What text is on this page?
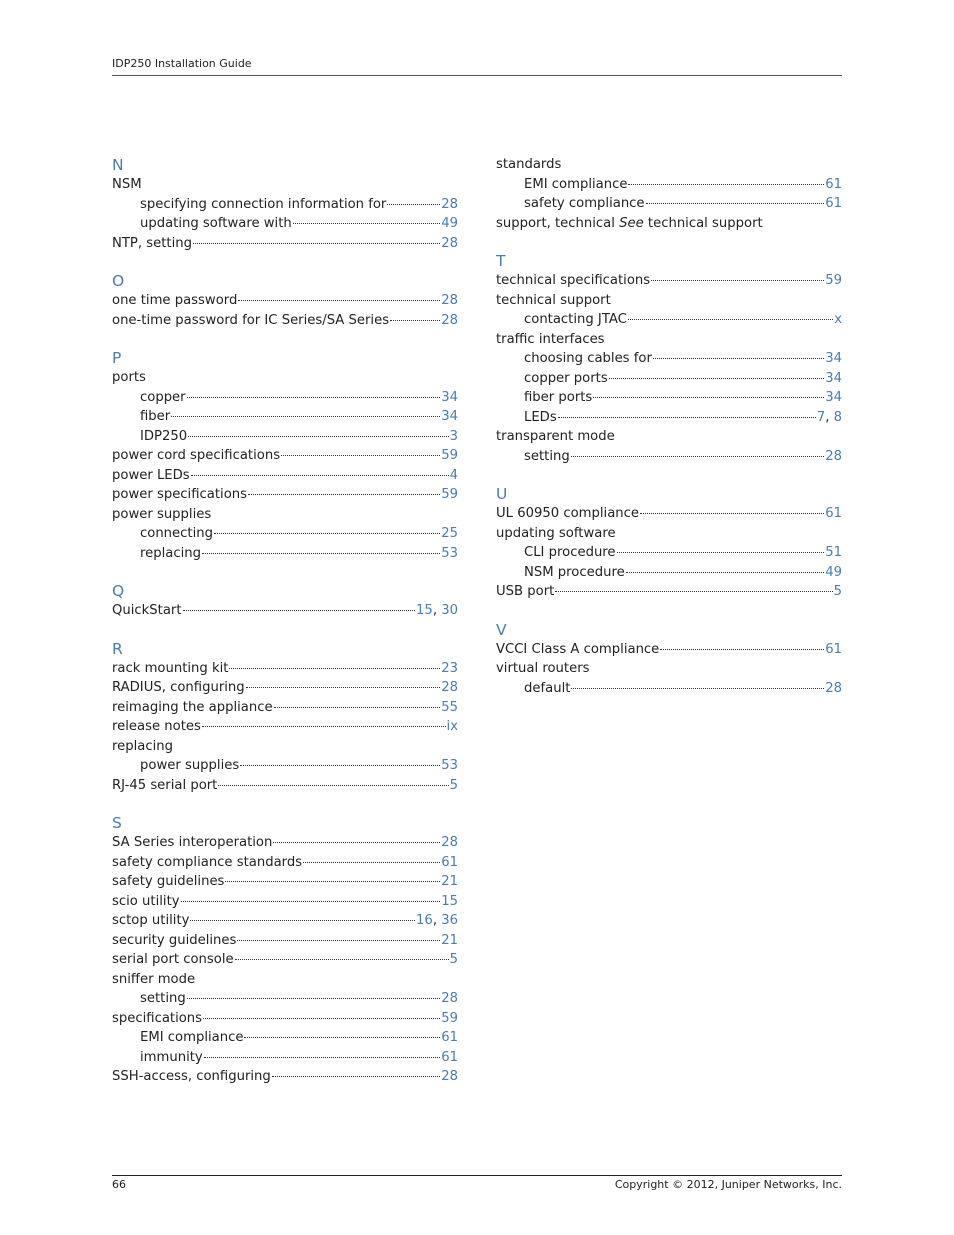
IDP250 Installation Guide
N
NSM
specifying connection information for	28
updating software with	49
NTP, setting	28
O
one time password	28
one-time password for IC Series/SA Series	28
P
ports
copper	34
fiber	34
IDP250	3
power cord specifications	59
power LEDs	4
power specifications	59
power supplies
connecting	25
replacing	53
Q
QuickStart	15, 30
R
rack mounting kit	23
RADIUS, configuring	28
reimaging the appliance	55
release notes	ix
replacing
power supplies	53
RJ-45 serial port	5
S
SA Series interoperation	28
safety compliance standards	61
safety guidelines	21
scio utility	15
sctop utility	16, 36
security guidelines	21
serial port console	5
sniffer mode
setting	28
specifications	59
EMI compliance	61
immunity	61
SSH-access, configuring	28
standards
EMI compliance	61
safety compliance	61
support, technical See technical support
T
technical specifications	59
technical support
contacting JTAC	x
traffic interfaces
choosing cables for	34
copper ports	34
fiber ports	34
LEDs	7, 8
transparent mode
setting	28
U
UL 60950 compliance	61
updating software
CLI procedure	51
NSM procedure	49
USB port	5
V
VCCI Class A compliance	61
virtual routers
default	28
66	Copyright © 2012, Juniper Networks, Inc.
